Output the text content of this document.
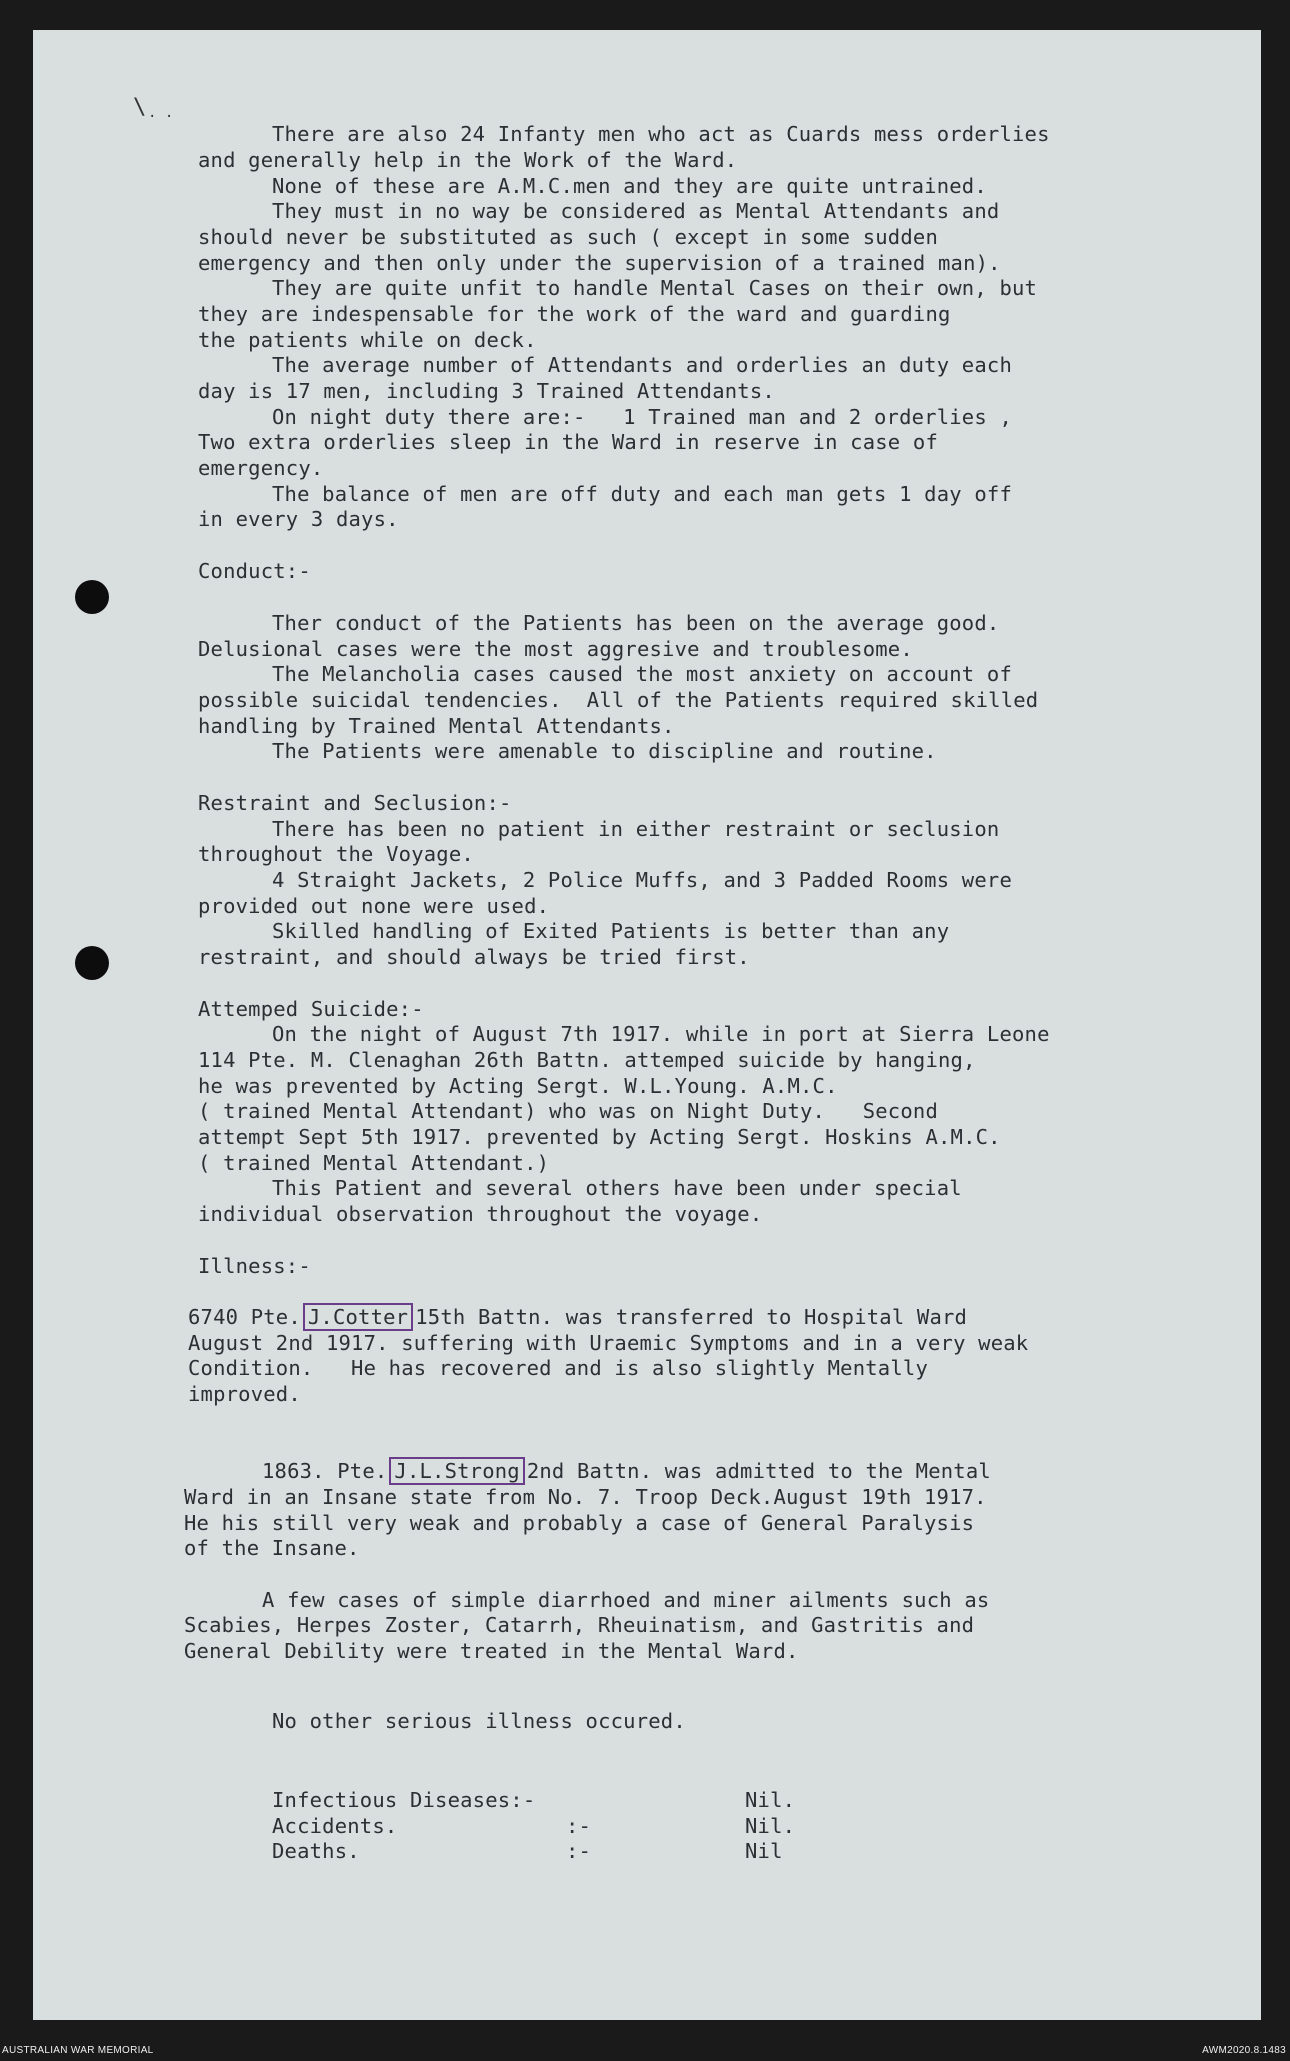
\ . .
There are also 24 Infanty men who act as Cuards mess orderlies
and generally help in the Work of the Ward.
None of these are A.M.C.men and they are quite untrained.
They must in no way be considered as Mental Attendants and
should never be substituted as such ( except in some sudden
emergency and then only under the supervision of a trained man).
They are quite unfit to handle Mental Cases on their own, but
they are indespensable for the work of the ward and guarding
the patients while on deck.
The average number of Attendants and orderlies an duty each
day is 17 men, including 3 Trained Attendants.
On night duty there are:-   1 Trained man and 2 orderlies ,
Two extra orderlies sleep in the Ward in reserve in case of
emergency.
The balance of men are off duty and each man gets 1 day off
in every 3 days.
Conduct:-
Ther conduct of the Patients has been on the average good.
Delusional cases were the most aggresive and troublesome.
The Melancholia cases caused the most anxiety on account of
possible suicidal tendencies.  All of the Patients required skilled
handling by Trained Mental Attendants.
The Patients were amenable to discipline and routine.
Restraint and Seclusion:-
There has been no patient in either restraint or seclusion
throughout the Voyage.
4 Straight Jackets, 2 Police Muffs, and 3 Padded Rooms were
provided out none were used.
Skilled handling of Exited Patients is better than any
restraint, and should always be tried first.
Attemped Suicide:-
On the night of August 7th 1917. while in port at Sierra Leone
114 Pte. M. Clenaghan 26th Battn. attemped suicide by hanging,
he was prevented by Acting Sergt. W.L.Young. A.M.C.
( trained Mental Attendant) who was on Night Duty.   Second
attempt Sept 5th 1917. prevented by Acting Sergt. Hoskins A.M.C.
( trained Mental Attendant.)
This Patient and several others have been under special
individual observation throughout the voyage.
Illness:-
6740 Pte. J.Cotter 15th Battn. was transferred to Hospital Ward
August 2nd 1917. suffering with Uraemic Symptoms and in a very weak
Condition.   He has recovered and is also slightly Mentally
improved.
1863. Pte. J.L.Strong 2nd Battn. was admitted to the Mental
Ward in an Insane state from No. 7. Troop Deck.August 19th 1917.
He his still very weak and probably a case of General Paralysis
of the Insane.
A few cases of simple diarrhoed and miner ailments such as
Scabies, Herpes Zoster, Catarrh, Rheuinatism, and Gastritis and
General Debility were treated in the Mental Ward.
No other serious illness occured.
Infectious Diseases:-	Nil.
Accidents.	:-	Nil.
Deaths.	:-	Nil
AUSTRALIAN WAR MEMORIAL	AWM2020.8.1483
